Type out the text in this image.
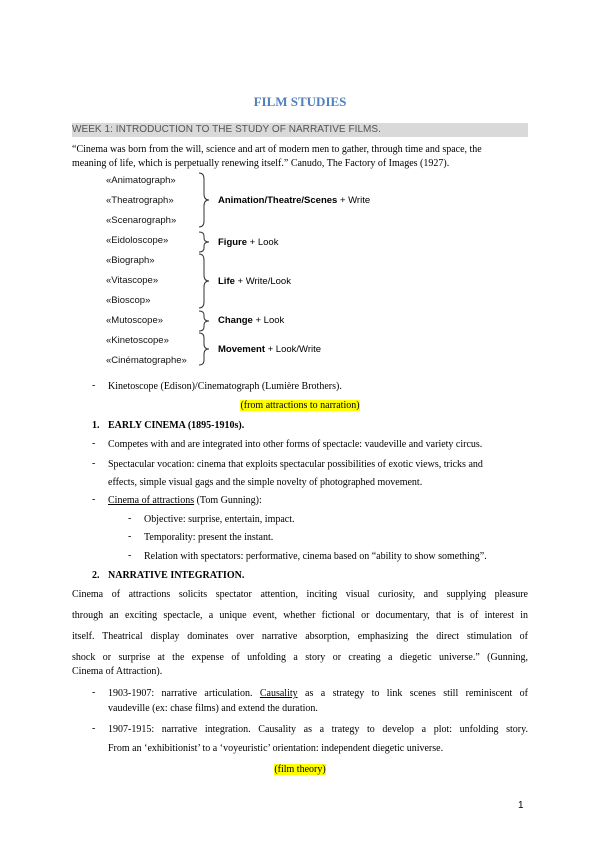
FILM STUDIES
WEEK 1: INTRODUCTION TO THE STUDY OF NARRATIVE FILMS.
“Cinema was born from the will, science and art of modern men to gather, through time and space, the
meaning of life, which is perpetually renewing itself.” Canudo, The Factory of Images (1927).
«Animatograph»
«Theatrograph»
«Scenarograph»
«Eidoloscope»
«Biograph»
«Vitascope»
«Bioscop»
«Mutoscope»
«Kinetoscope»
«Cinématographe»
Animation/Theatre/Scenes + Write
Figure + Look
Life + Write/Look
Change + Look
Movement + Look/Write
- Kinetoscope (Edison)/Cinematograph (Lumière Brothers).
(from attractions to narration)
1. EARLY CINEMA (1895-1910s).
- Competes with and are integrated into other forms of spectacle: vaudeville and variety circus.
- Spectacular vocation: cinema that exploits spectacular possibilities of exotic views, tricks and
effects, simple visual gags and the simple novelty of photographed movement.
- Cinema of attractions (Tom Gunning):
- Objective: surprise, entertain, impact.
- Temporality: present the instant.
- Relation with spectators: performative, cinema based on “ability to show something”.
2. NARRATIVE INTEGRATION.
Cinema of attractions solicits spectator attention, inciting visual curiosity, and supplying pleasure
through an exciting spectacle, a unique event, whether fictional or documentary, that is of interest in
itself. Theatrical display dominates over narrative absorption, emphasizing the direct stimulation of
shock or surprise at the expense of unfolding a story or creating a diegetic universe.” (Gunning,
Cinema of Attraction).
- 1903-1907: narrative articulation. Causality as a strategy to link scenes still reminiscent of
vaudeville (ex: chase films) and extend the duration.
- 1907-1915: narrative integration. Causality as a trategy to develop a plot: unfolding story.
From an ‘exhibitionist’ to a ‘voyeuristic’ orientation: independent diegetic universe.
(film theory)
1
